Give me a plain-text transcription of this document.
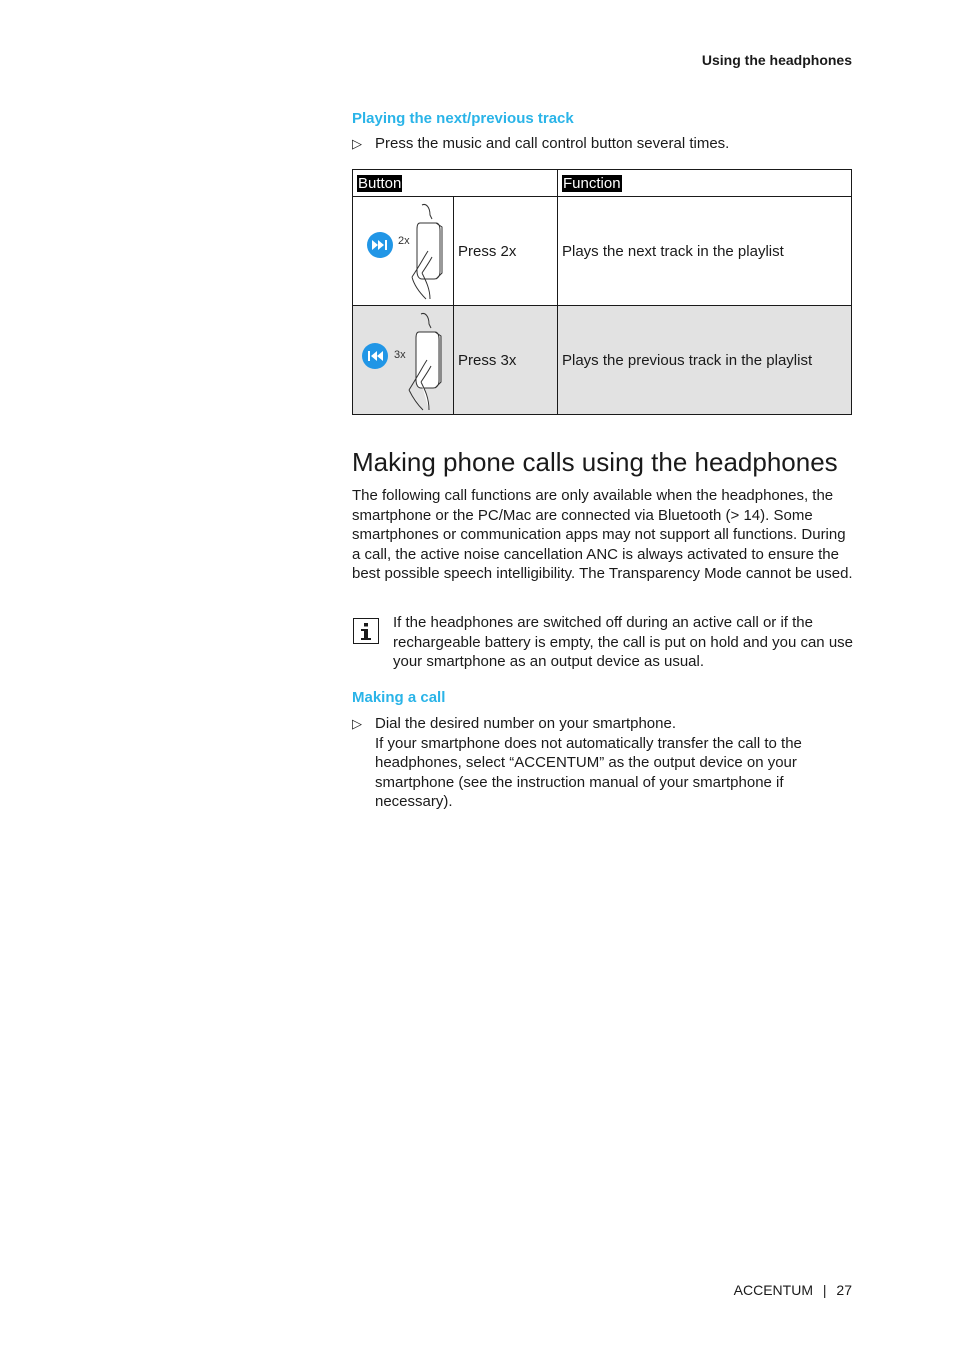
Using the headphones
Playing the next/previous track
▷ Press the music and call control button several times.
Button		Function

2x	Press 2x	Plays the next track in the playlist

3x	Press 3x	Plays the previous track in the playlist
Making phone calls using the headphones

The following call functions are only available when the headphones, the smartphone or the PC/Mac are connected via Bluetooth (> 14). Some smartphones or communication apps may not support all functions. During a call, the active noise cancellation ANC is always activated to ensure the best possible speech intelligibility. The Transparency Mode cannot be used.

If the headphones are switched off during an active call or if the rechargeable battery is empty, the call is put on hold and you can use your smartphone as an output device as usual.

Making a call
▷ Dial the desired number on your smartphone.
If your smartphone does not automatically transfer the call to the headphones, select “ACCENTUM” as the output device on your smartphone (see the instruction manual of your smartphone if necessary).
ACCENTUM | 27
